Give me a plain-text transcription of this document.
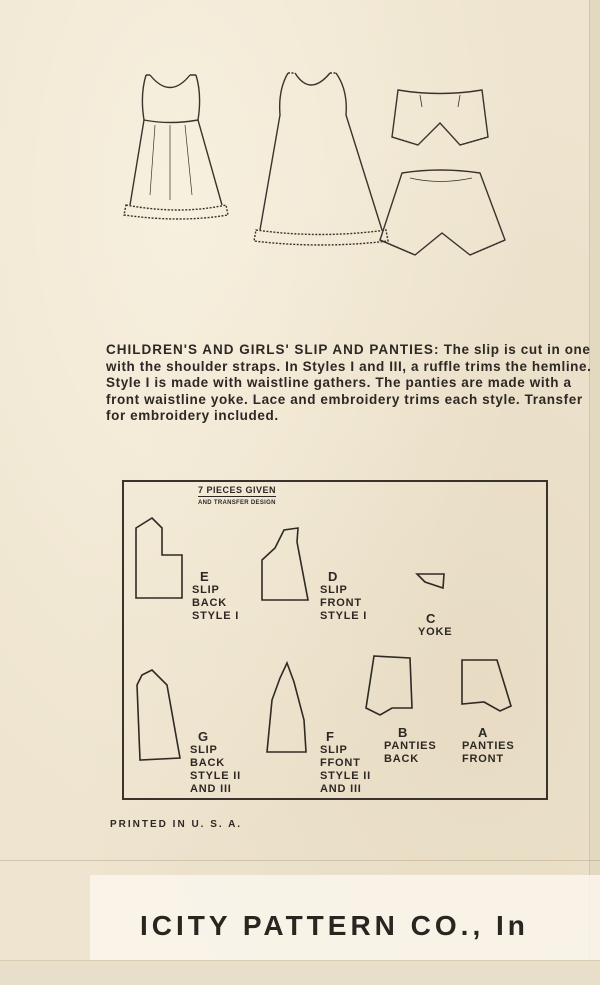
CHILDREN'S AND GIRLS' SLIP AND PANTIES: The slip is cut in one with the shoulder straps. In Styles I and III, a ruffle trims the hemline. Style I is made with waistline gathers. The panties are made with a front waistline yoke. Lace and embroidery trims each style. Transfer for embroidery included.

7 PIECES GIVEN
AND TRANSFER DESIGN

E
SLIP
BACK
STYLE I

D
SLIP
FRONT
STYLE I	C
YOKE

G
SLIP
BACK
STYLE II
AND III

F
SLIP
FFONT
STYLE II
AND III

B
PANTIES
BACK

A
PANTIES
FRONT

PRINTED IN U. S. A.
ICITY PATTERN CO., In
